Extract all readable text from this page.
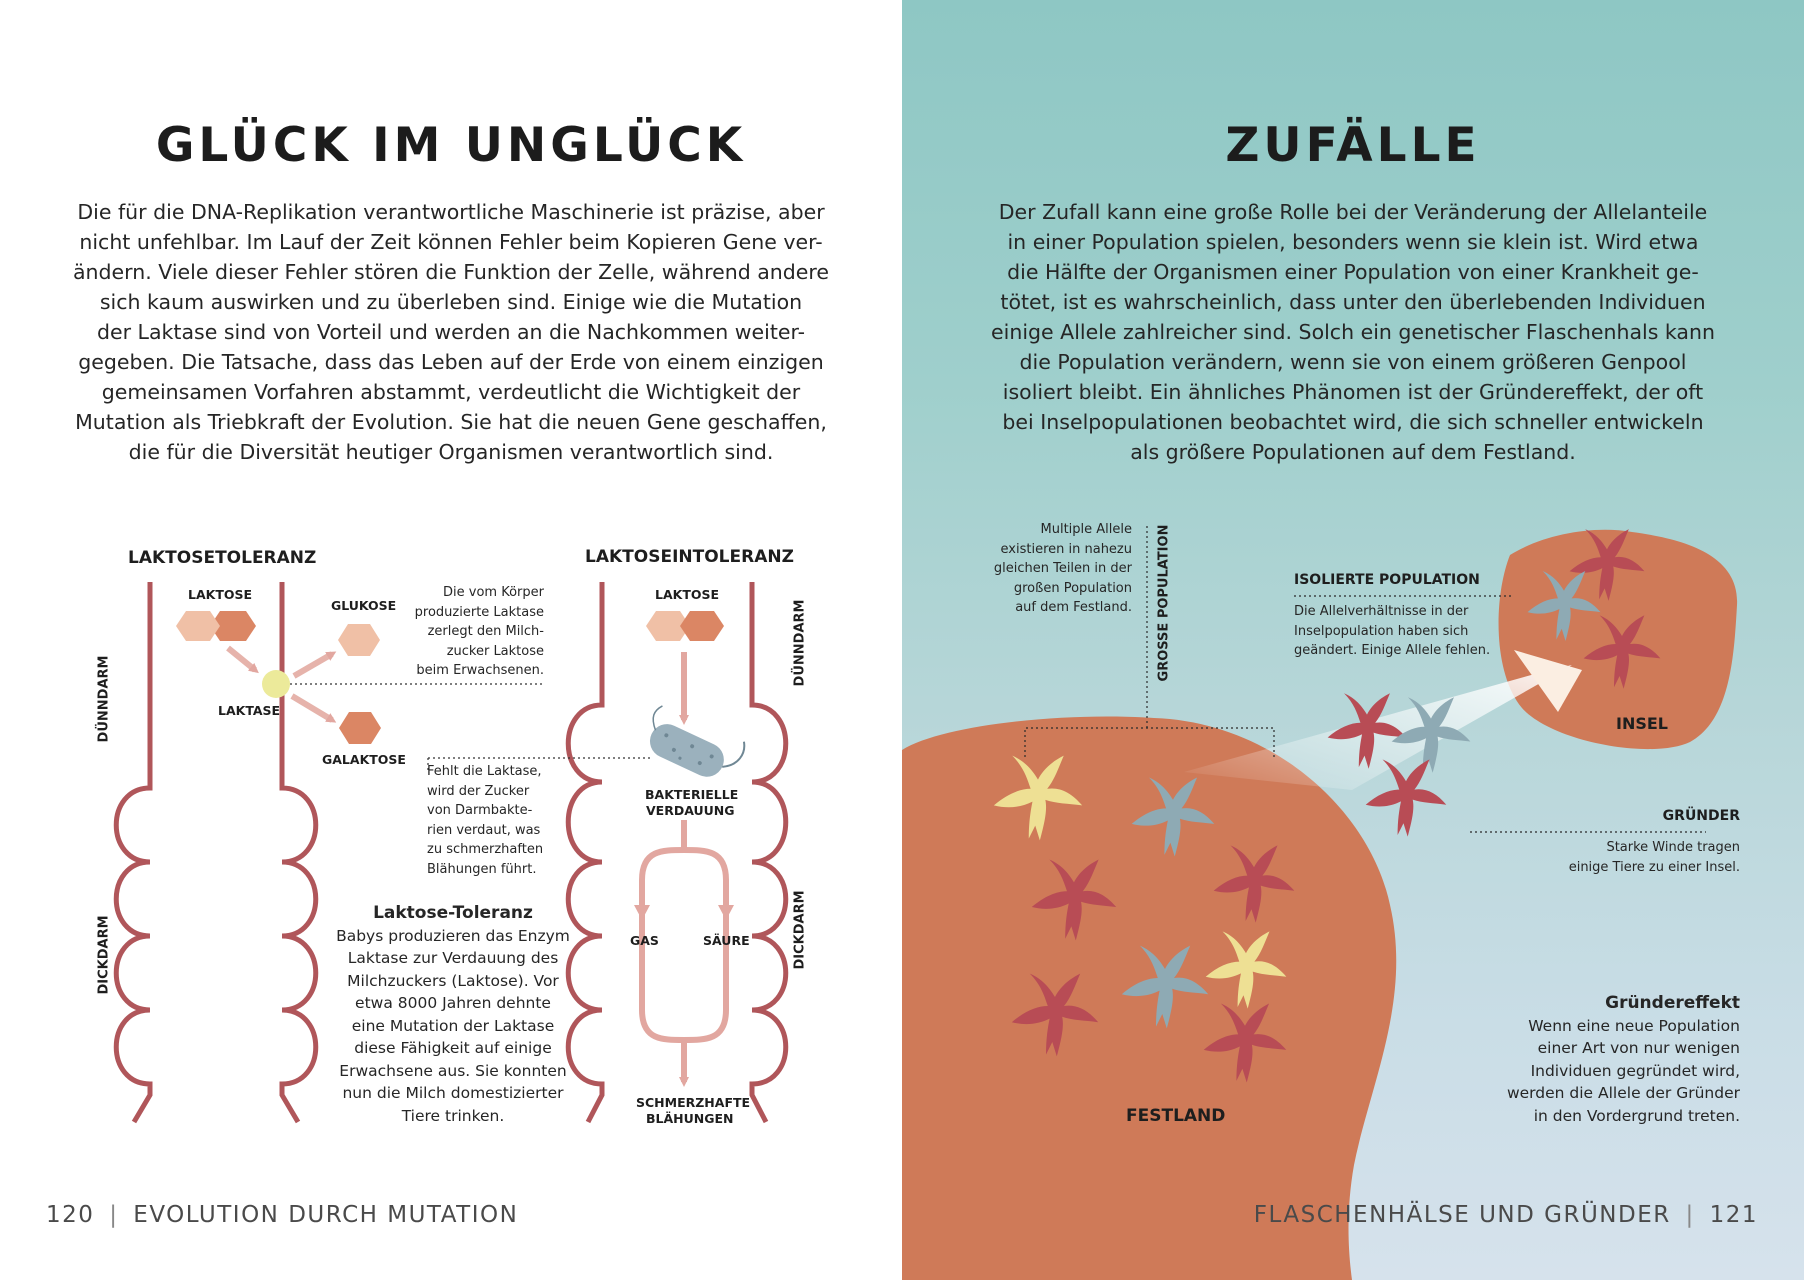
GLÜCK IM UNGLÜCK
Die für die DNA-Replikation verantwortliche Maschinerie ist präzise, aber
nicht unfehlbar. Im Lauf der Zeit können Fehler beim Kopieren Gene ver-
ändern. Viele dieser Fehler stören die Funktion der Zelle, während andere
sich kaum auswirken und zu überleben sind. Einige wie die Mutation
der Laktase sind von Vorteil und werden an die Nachkommen weiter-
gegeben. Die Tatsache, dass das Leben auf der Erde von einem einzigen
gemeinsamen Vorfahren abstammt, verdeutlicht die Wichtigkeit der
Mutation als Triebkraft der Evolution. Sie hat die neuen Gene geschaffen,
die für die Diversität heutiger Organismen verantwortlich sind.
LAKTOSETOLERANZ	LAKTOSEINTOLERANZ
LAKTOSE	LAKTOSE
GLUKOSE
LAKTASE
GALAKTOSE
BAKTERIELLE
VERDAUUNG
GAS	SÄURE
SCHMERZHAFTE
BLÄHUNGEN
DÜNNDARM
DICKDARM
DÜNNDARM
DICKDARM
Die vom Körper
produzierte Laktase
zerlegt den Milch-
zucker Laktose
beim Erwachsenen.
Fehlt die Laktase,
wird der Zucker
von Darmbakte-
rien verdaut, was
zu schmerzhaften
Blähungen führt.
Laktose-Toleranz
Babys produzieren das Enzym
Laktase zur Verdauung des
Milchzuckers (Laktose). Vor
etwa 8000 Jahren dehnte
eine Mutation der Laktase
diese Fähigkeit auf einige
Erwachsene aus. Sie konnten
nun die Milch domestizierter
Tiere trinken.
120 | EVOLUTION DURCH MUTATION
ZUFÄLLE
Der Zufall kann eine große Rolle bei der Veränderung der Allelanteile
in einer Population spielen, besonders wenn sie klein ist. Wird etwa
die Hälfte der Organismen einer Population von einer Krankheit ge-
tötet, ist es wahrscheinlich, dass unter den überlebenden Individuen
einige Allele zahlreicher sind. Solch ein genetischer Flaschenhals kann
die Population verändern, wenn sie von einem größeren Genpool
isoliert bleibt. Ein ähnliches Phänomen ist der Gründereffekt, der oft
bei Inselpopulationen beobachtet wird, die sich schneller entwickeln
als größere Populationen auf dem Festland.
Multiple Allele
existieren in nahezu
gleichen Teilen in der
großen Population
auf dem Festland. GROSSE POPULATION	ISOLIERTE POPULATION
Die Allelverhältnisse in der
Inselpopulation haben sich
geändert. Einige Allele fehlen.
INSEL
GRÜNDER
Starke Winde tragen
einige Tiere zu einer Insel.
Gründereffekt
Wenn eine neue Population
einer Art von nur wenigen
Individuen gegründet wird,
werden die Allele der Gründer
in den Vordergrund treten.
FESTLAND
FLASCHENHÄLSE UND GRÜNDER | 121
